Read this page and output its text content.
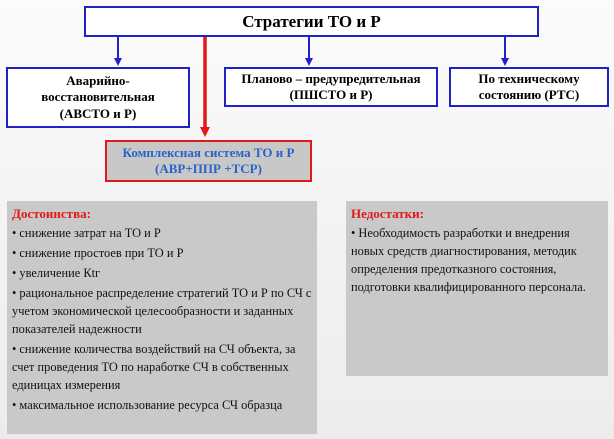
Стратегии ТО и Р
Аварийно-
восстановительная
(АВСТО и Р)
Планово – предупредительная
(ПШСТО и Р)
По техническому
состоянию (РТС)
Комплексная система ТО и Р
(АВР+ППР +ТСР)
Достоинства:
• снижение затрат на ТО и Р
• снижение простоев при ТО и Р
• увеличение Кtг
• рациональное распределение стратегий ТО и Р по СЧ с учетом экономической целесообразности и заданных показателей надежности
• снижение количества воздействий на СЧ объекта, за счет проведения ТО по наработке СЧ в собственных единицах измерения
• максимальное использование ресурса СЧ образца
Недостатки:
• Необходимость разработки и внедрения новых средств диагностирования, методик определения предотказного состояния, подготовки квалифицированного персонала.
